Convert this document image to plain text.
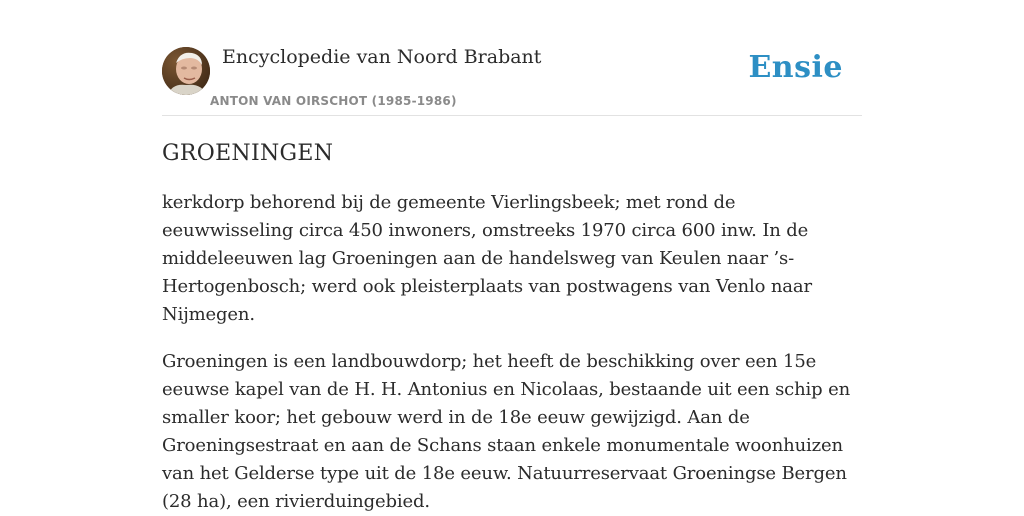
Encyclopedie van Noord Brabant
ANTON VAN OIRSCHOT (1985-1986)
Ensie
GROENINGEN

kerkdorp behorend bij de gemeente Vierlingsbeek; met rond de eeuwwisseling circa 450 inwoners, omstreeks 1970 circa 600 inw. In de middeleeuwen lag Groeningen aan de handelsweg van Keulen naar ’s-Hertogenbosch; werd ook pleisterplaats van postwagens van Venlo naar Nijmegen.

Groeningen is een landbouwdorp; het heeft de beschikking over een 15e eeuwse kapel van de H. H. Antonius en Nicolaas, bestaande uit een schip en smaller koor; het gebouw werd in de 18e eeuw gewijzigd. Aan de Groeningsestraat en aan de Schans staan enkele monumentale woonhuizen van het Gelderse type uit de 18e eeuw. Natuurreservaat Groeningse Bergen (28 ha), een rivierduingebied.
